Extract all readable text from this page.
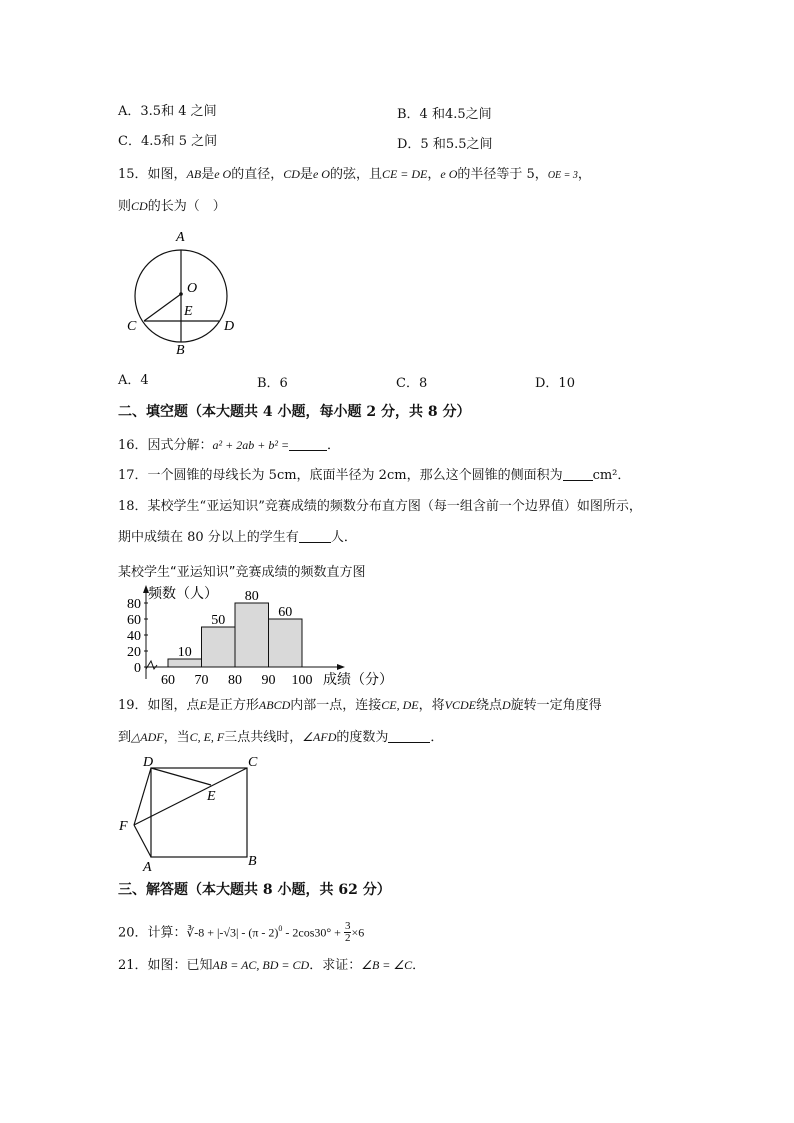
A．3.5和 4 之间	B．4 和4.5之间
C．4.5和 5 之间	D．5 和5.5之间
15．如图，AB是e O的直径，CD是e O的弦，且CE = DE，e O的半径等于 5，OE = 3，
则CD的长为（　）
A
O
E
C	D
B
A．4	B．6	C．8	D．10
二、填空题（本大题共 4 小题，每小题 2 分，共 8 分）
16．因式分解：a² + 2ab + b² =	．
17．一个圆锥的母线长为 5cm，底面半径为 2cm，那么这个圆锥的侧面积为 cm²．
18．某校学生“亚运知识”竞赛成绩的频数分布直方图（每一组含前一个边界值）如图所示，
期中成绩在 80 分以上的学生有 人．
某校学生“亚运知识”竞赛成绩的频数直方图
0
20
40
60
80
频数（人）
成绩（分）
10
50
80
60
60 70 80 90 100
19．如图，点E是正方形ABCD内部一点，连接CE, DE，将VCDE绕点D旋转一定角度得
到△ADF，当C, E, F三点共线时，∠AFD的度数为	．
D	C
E
F
A	B
三、解答题（本大题共 8 小题，共 62 分）
20．计算：∛-8 + $|-√3| - (\pi - 2)^0 - 2\cos 30^\circ + \frac{3}{2} \times 6$
21．如图：已知AB = AC, BD = CD．求证：∠B = ∠C．
